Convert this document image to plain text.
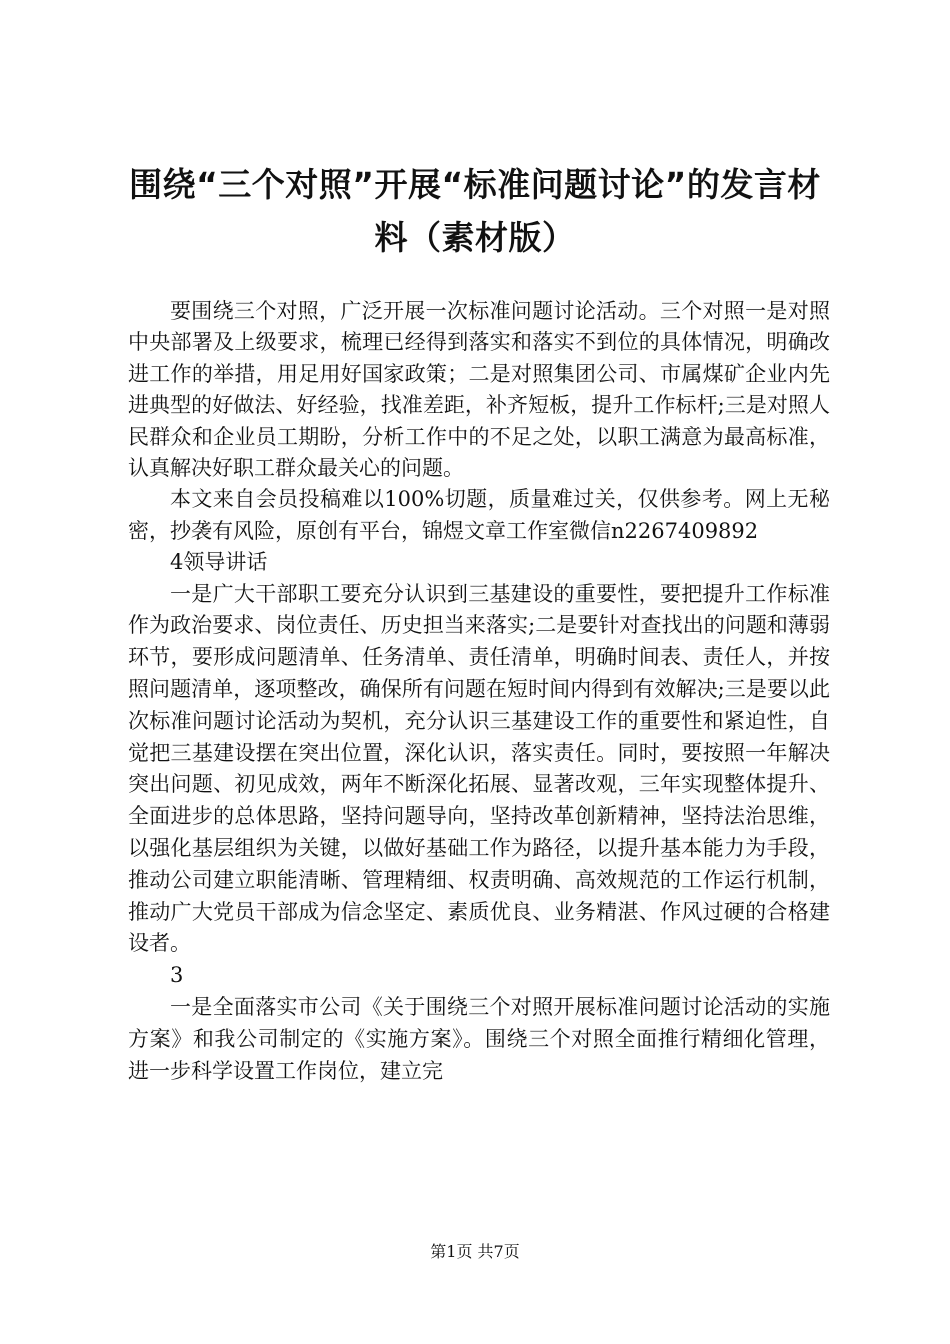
围绕“三个对照”开展“标准问题讨论”的发言材料（素材版）

要围绕三个对照，广泛开展一次标准问题讨论活动。三个对照一是对照中央部署及上级要求，梳理已经得到落实和落实不到位的具体情况，明确改进工作的举措，用足用好国家政策；二是对照集团公司、市属煤矿企业内先进典型的好做法、好经验，找准差距，补齐短板，提升工作标杆;三是对照人民群众和企业员工期盼，分析工作中的不足之处，以职工满意为最高标准，认真解决好职工群众最关心的问题。

本文来自会员投稿难以100%切题，质量难过关，仅供参考。网上无秘密，抄袭有风险，原创有平台，锦煜文章工作室微信n2267409892

4领导讲话

一是广大干部职工要充分认识到三基建设的重要性，要把提升工作标准作为政治要求、岗位责任、历史担当来落实;二是要针对查找出的问题和薄弱环节，要形成问题清单、任务清单、责任清单，明确时间表、责任人，并按照问题清单，逐项整改，确保所有问题在短时间内得到有效解决;三是要以此次标准问题讨论活动为契机，充分认识三基建设工作的重要性和紧迫性，自觉把三基建设摆在突出位置，深化认识，落实责任。同时，要按照一年解决突出问题、初见成效，两年不断深化拓展、显著改观，三年实现整体提升、全面进步的总体思路，坚持问题导向，坚持改革创新精神，坚持法治思维，以强化基层组织为关键，以做好基础工作为路径，以提升基本能力为手段，推动公司建立职能清晰、管理精细、权责明确、高效规范的工作运行机制，推动广大党员干部成为信念坚定、素质优良、业务精湛、作风过硬的合格建设者。

3

一是全面落实市公司《关于围绕三个对照开展标准问题讨论活动的实施方案》和我公司制定的《实施方案》。围绕三个对照全面推行精细化管理，进一步科学设置工作岗位，建立完

第1页 共7页
